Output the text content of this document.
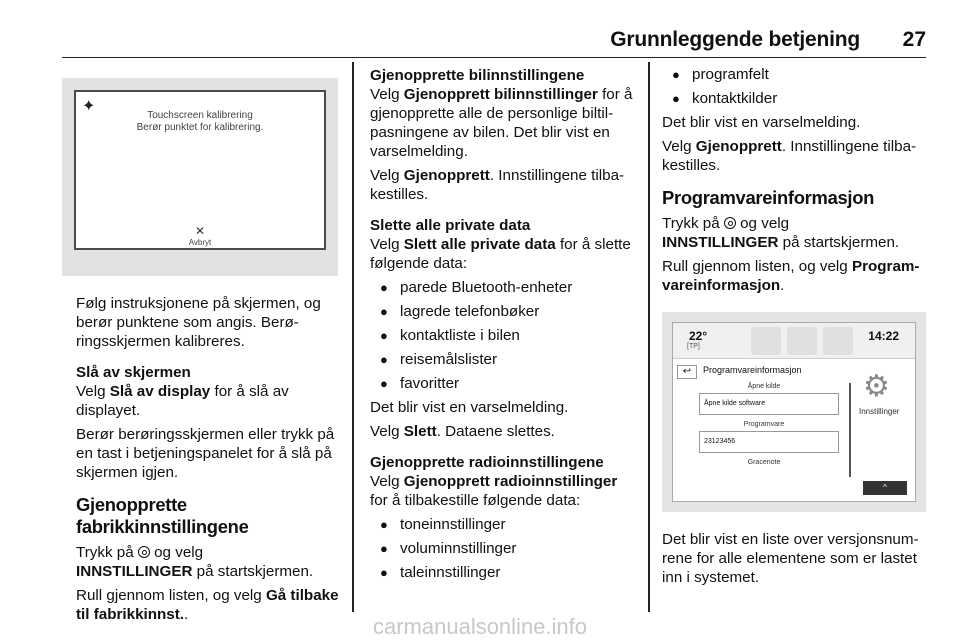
Grunnleggende betjening 27
✦
Touchscreen kalibrering
Berør punktet for kalibrering.
✕
Avbryt

Følg instruksjonene på skjermen, og berør punktene som angis. Berø-ringsskjermen kalibreres.

Slå av skjermen

Velg Slå av display for å slå av displayet.

Berør berøringsskjermen eller trykk på en tast i betjeningspanelet for å slå på skjermen igjen.

Gjenopprette fabrikkinnstillingene

Trykk på  og velg
INNSTILLINGER på startskjermen.

Rull gjennom listen, og velg Gå tilbake til fabrikkinnst..

Gjenopprette bilinnstillingene

Velg Gjenopprett bilinnstillinger for å gjenopprette alle de personlige biltil-pasningene av bilen. Det blir vist en varselmelding.

Velg Gjenopprett. Innstillingene tilba-kestilles.

Slette alle private data

Velg Slett alle private data for å slette følgende data:

● parede Bluetooth-enheter
● lagrede telefonbøker
● kontaktliste i bilen
● reisemålslister
● favoritter

Det blir vist en varselmelding.

Velg Slett. Dataene slettes.

Gjenopprette radioinnstillingene

Velg Gjenopprett radioinnstillinger for å tilbakestille følgende data:

● toneinnstillinger
● voluminnstillinger
● taleinnstillinger
● programfelt
● kontaktkilder

Det blir vist en varselmelding.

Velg Gjenopprett. Innstillingene tilba-kestilles.

Programvareinformasjon

Trykk på  og velg
INNSTILLINGER på startskjermen.

Rull gjennom listen, og velg Program-vareinformasjon.

22°
[TP]
14:22
↩	Programvareinformasjon
Åpne kilde
Åpne kilde software
Programvare
23123456
Gracenote
⚙
Innstillinger
^

Det blir vist en liste over versjonsnum-rene for alle elementene som er lastet inn i systemet.

carmanualsonline.info
